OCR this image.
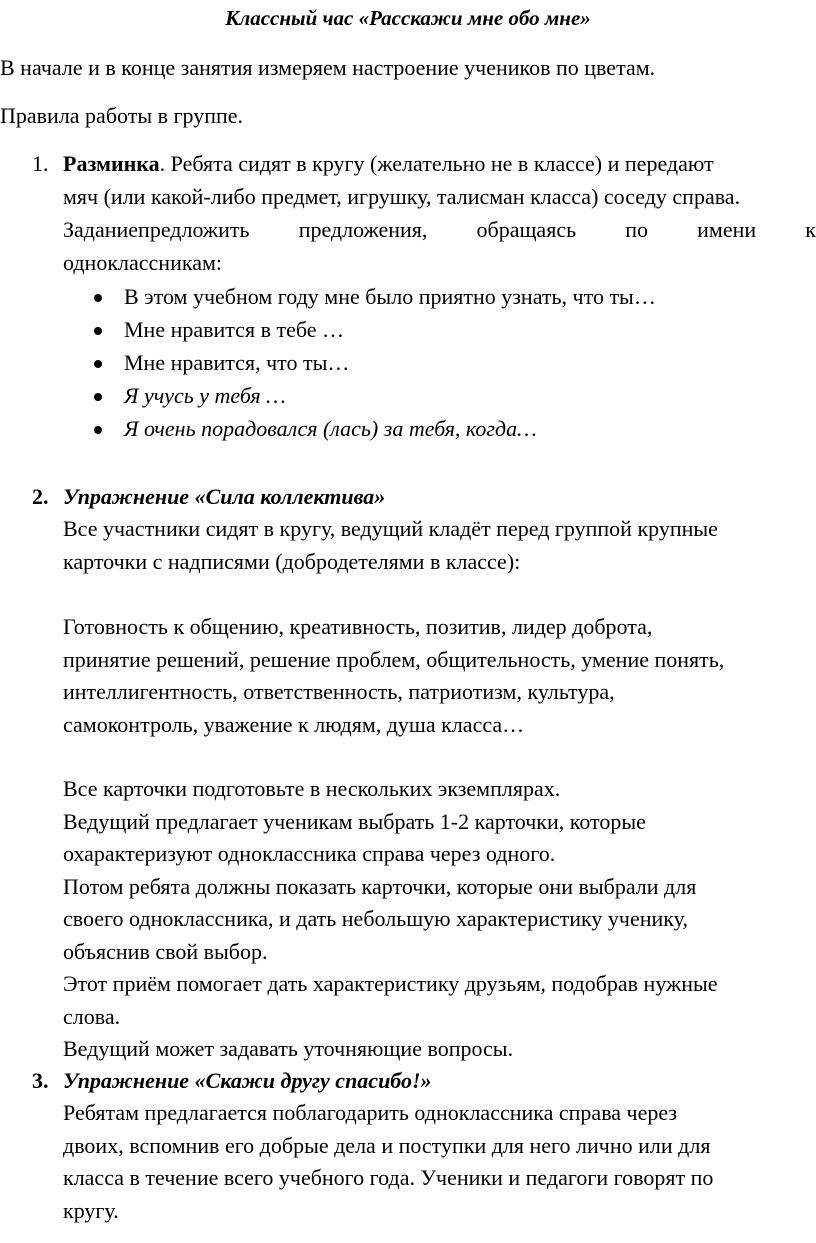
Классный час «Расскажи мне обо мне»
В начале и в конце занятия измеряем настроение учеников по цветам.
Правила работы в группе.
1. Разминка. Ребята сидят в кругу (желательно не в классе) и передают
мяч (или какой-либо предмет, игрушку, талисман класса) соседу справа.
Заданиепредложить предложения, обращаясь по имени к
одноклассникам:
В этом учебном году мне было приятно узнать, что ты…
Мне нравится в тебе …
Мне нравится, что ты…
Я учусь у тебя …
Я очень порадовался (лась) за тебя, когда…
2. Упражнение «Сила коллектива»
Все участники сидят в кругу, ведущий кладёт перед группой крупные
карточки с надписями (добродетелями в классе):
Готовность к общению, креативность, позитив, лидер доброта,
принятие решений, решение проблем, общительность, умение понять,
интеллигентность, ответственность, патриотизм, культура,
самоконтроль, уважение к людям, душа класса…
Все карточки подготовьте в нескольких экземплярах.
Ведущий предлагает ученикам выбрать 1-2 карточки, которые
охарактеризуют одноклассника справа через одного.
Потом ребята должны показать карточки, которые они выбрали для
своего одноклассника, и дать небольшую характеристику ученику,
объяснив свой выбор.
Этот приём помогает дать характеристику друзьям, подобрав нужные
слова.
Ведущий может задавать уточняющие вопросы.
3. Упражнение «Скажи другу спасибо!»
Ребятам предлагается поблагодарить одноклассника справа через
двоих, вспомнив его добрые дела и поступки для него лично или для
класса в течение всего учебного года. Ученики и педагоги говорят по
кругу.
